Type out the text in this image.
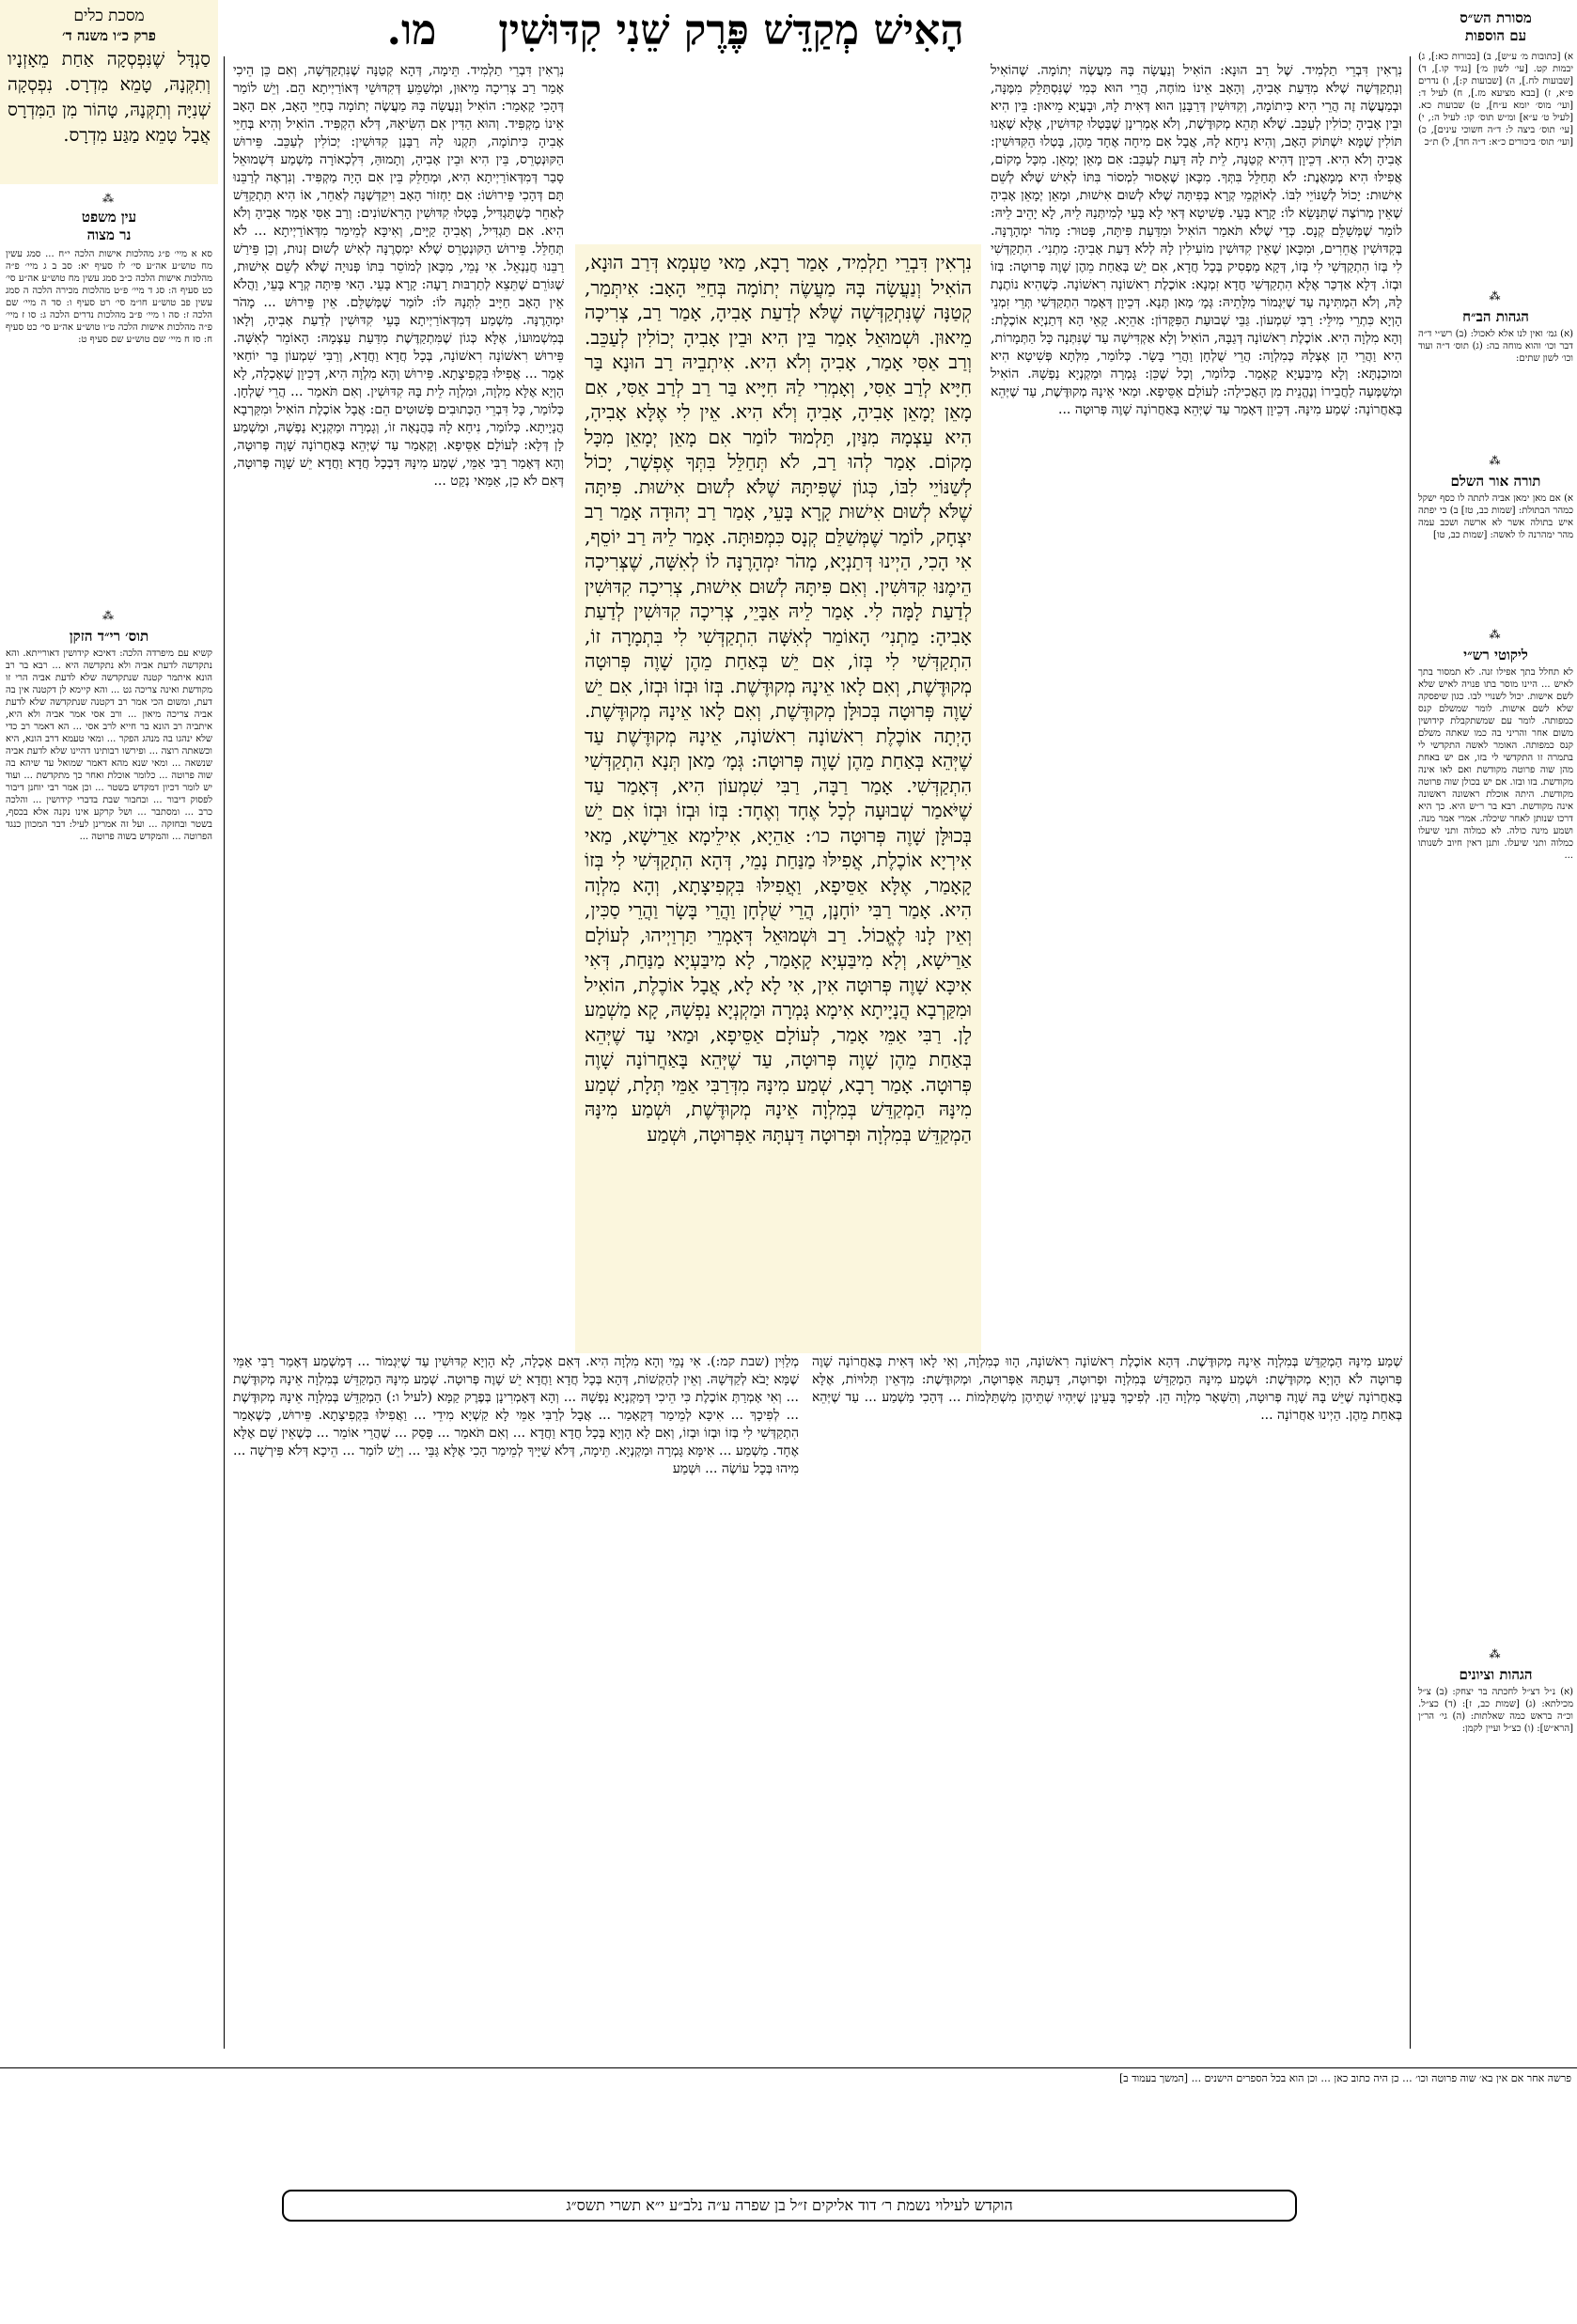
הָאִישׁ מְקַדֵּשׁ פֶּרֶק שֵׁנִי קִדּוּשִׁין
מו.
מסכת כלים
פרק כ״ו משנה ד׳
סַנְדָּל שֶׁנִּפְסְקָה אַחַת מֵאָזְנָיו וְתִקְּנָהּ, טָמֵא מִדְרָס. נִפְסְקָה שְׁנִיָּה וְתִקְּנָהּ, טָהוֹר מִן הַמִּדְרָס אֲבָל טָמֵא מַגַּע מִדְרָס.
מסורת הש״ס
עם הוספות
א) [כתובות מ׳ ע״ש], ב) [בכורות כא:], ג) יבמות קט. [עי׳ לשון מ׳] [נגיד קו.], ד) [שבועות לח.], ה) [שבועות ק:], ו) נדרים פ״א, ז) [בבא מציעא מז.], ח) לעיל ד: [ועי׳ מוס׳ יומא ע״ח], ט) שבועות כא. [לעיל ט׳ ע״א] ומ״ש תוס׳ קו: לעיל ה:, י) [עי׳ תוס׳ ביצה ל: ד״ה חשוכי עינים], כ) [ועי׳ תוס׳ ביכורים כ״א: ד״ה חד], ל) ת״כ
⁂
הגהות הב״ח
(א) גמ׳ ואין לנו אלא לאכול: (ב) רש״י ד״ה דבר וכו׳ והוא מוחה בה: (ג) תוס׳ ד״ה ועוד וכו׳ לשון שתים:
⁂
תורה אור השלם
א) אם מאן ימאן אביה לתתה לו כסף ישקל כמהר הבתולת: [שמות כב, טז] ב) כי יפתה איש בתולה אשר לא ארשה ושכב עמה מהר ימהרנה לו לאשה: [שמות כב, טו]
⁂
ליקוטי רש״י
לא תחלל בתך אפילו זנה. לא תמסור בתך לאיש ... היינו מוסר בתו פנויה לאיש שלא לשם אישות. יכול לשנויי לבו. כגון שיפסקה שלא לשם אישות. לומר שמשלם קנס כמפותה. לומר עם שמשתקבלת קידושין משום אחר והריני בה כמו שאתה משלם קנס כמפותה. האומר לאשה התקדשי לי בתמרה זו התקדשי לי בזו, אם יש באחת מהן שוה פרוטה מקודשת ואם לאו אינה מקודשת. בזו ובזו. אם יש בכולן שוה פרוטה מקודשת. היתה אוכלת ראשונה ראשונה אינה מקודשת. רבא בר ר״ש היא. כך היא דרכו שנותן לאחר שיכלה. אמרי אמר מנה. ושמע מינה כולה. לא כמלוה ותני שיעלו כמלוה ותני שיעלו. ותנן דאין חיוב לשנותו ...
⁂
הגהות וציונים
(א) נ״ל דצ״ל לחכתה בר יצחק: (ב) צ״ל מכילתא: (ג) [שמות כב, ז]: (ד) כצ״ל. וכ״ה בראש כמה שאלתות: (ה) גי׳ הר״ן [הרא״ש]: (ו) כצ״ל ועיין לקמן:
⁂
עין משפט
נר מצוה
סא א מיי׳ פ״ג מהלכות אישות הלכה י״ח ... סמג עשין מח טוש״ע אה״ע סי׳ לז סעיף יא: סב ב ג מיי׳ פ״ה מהלכות אישות הלכה כ״ב סמג עשין מח טוש״ע אה״ע סי׳ כט סעיף ה: סג ד מיי׳ פ״ט מהלכות מכירה הלכה ה סמג עשין פב טוש״ע חו״מ סי׳ רט סעיף ו: סד ה מיי׳ שם הלכה ז: סה ו מיי׳ פ״ב מהלכות נדרים הלכה ג: סו ז מיי׳ פ״ה מהלכות אישות הלכה ט״ו טוש״ע אה״ע סי׳ כט סעיף ח: סז ח מיי׳ שם טוש״ע שם סעיף ט:
⁂
תוס׳ רי״ד הזקן
קשיא עם מיפרדה הלכה: דאיכא קידושין דאורייתא. והא נתקדשה לדעת אביה ולא נתקדשה היא ... רבא בר רב הונא איתמר קטנה שנתקדשה שלא לדעת אביה הרי זו מקודשת ואינה צריכה גט ... והא קיימא לן דקטנה אין בה דעת, ומשום הכי אמר רב דקטנה שנתקדשה שלא לדעת אביה צריכה מיאון ... ורב אסי אמר אביה ולא היא, איתביה רב הונא בר חייא לרב אסי ... הא דאמר רב כדי שלא ינהגו בה מנהג הפקר ... ומאי טעמא דרב הונא, היא וכשאתה רוצה ... ופירשו רבותינו דהיינו שלא לדעת אביה שנשאה ... ומאי שנא מהא דאמר שמואל עד שיהא בה שוה פרוטה ... כלומר אוכלת ואחר כך מתקדשת ... ועוד יש לומר דכיון דמקדש בשטר ... וכן אמר רבי יוחנן דיבור לפסוק דיבור ... ובחבור שבת בדברי קידושין ... והלכה כרב ... ומסתבר ... ושל קרקע אינו נקנה אלא בכסף, בשטר ובחזקה ... ועל זה אמרינן לעיל: דבר המכוון כנגד הפרוטה ... והמקדש בשוה פרוטה ...
נִרְאִין דִּבְרֵי תַלְמִיד. שֶׁל רַב הוּנָא: הוֹאִיל וְנַעֲשָׂה בָּהּ מַעֲשֶׂה יְתוֹמָה. שֶׁהוֹאִיל וְנִתְקַדְּשָׁה שֶׁלֹּא מִדַּעַת אָבִיהָ, וְהָאָב אֵינוֹ מוֹחֶה, הֲרֵי הוּא כְּמִי שֶׁנִּסְתַּלֵּק מִמֶּנָּה, וּבְמַעֲשֶׂה זֶה הֲרֵי הִיא כִּיתוֹמָה, וְקִדּוּשִׁין דְּרַבָּנַן הוּא דְּאִית לָהּ, וּבָעֲיָא מֵיאוּן: בֵּין הִיא וּבֵין אָבִיהָ יְכוֹלִין לְעַכֵּב. שֶׁלֹּא תְּהֵא מְקוּדֶּשֶׁת, וְלֹא אָמְרִינָן שֶׁבָּטְלוּ קִדּוּשִׁין, אֶלָּא שֶׁאָנוּ תּוֹלִין שֶׁמָּא יִשְׁתּוֹק הָאָב, וְהִיא נִיחָא לָהּ, אֲבָל אִם מִיחָה אֶחָד מֵהֶן, בָּטְלוּ הַקִּדּוּשִׁין: אָבִיהָ וְלֹא הִיא. דְּכֵיוָן דְּהִיא קְטַנָּה, לֵית לָהּ דַּעַת לְעַכֵּב: אִם מָאֵן יְמָאֵן. מִכָּל מָקוֹם, אֲפִילּוּ הִיא מְמָאֶנֶת: לֹא תְּחַלֵּל בִּתְּךָ. מִכָּאן שֶׁאָסוּר לִמְסוֹר בִּתּוֹ לְאִישׁ שֶׁלֹּא לְשֵׁם אִישׁוּת: יָכוֹל לְשַׁנּוֹיֵי לִבּוֹ. לְאוֹקְמֵי קְרָא בְּפִיתָּה שֶׁלֹּא לְשׁוּם אִישׁוּת, וּמָאֵן יְמָאֵן אָבִיהָ שֶׁאֵין מְרוֹצֶה שֶׁתִּנָּשֵׂא לוֹ: קָרָא בָּעֵי. פְּשִׁיטָא דְּאִי לָא בָּעֵי לְמִיתְּנַהּ לֵיהּ, לָא יָהֵיב לֵיהּ: לוֹמַר שֶׁמְּשַׁלֵּם קְנָס. כְּדֵי שֶׁלֹּא תֹּאמַר הוֹאִיל וּמִדַּעַת פִּיתָּה, פָּטוּר: מָהֹר יִמְהָרֶנָּה. בְּקִדּוּשִׁין אֲחֵרִים, וּמִכָּאן שֶׁאֵין קִדּוּשִׁין מוֹעִילִין לָהּ לְלֹא דַּעַת אָבִיהָ: מַתְנִי׳. הִתְקַדְּשִׁי לִי בְּזוֹ הִתְקַדְּשִׁי לִי בְּזוֹ, דְּקָא מַפְסִיק בְּכָל חֲדָא, אִם יֵשׁ בְּאַחַת מֵהֶן שָׁוֶה פְּרוּטָה: בְּזוֹ וּבְזוֹ. דְּלָא אַדְכַּר אֶלָּא הִתְקַדְּשִׁי חֲדָא זִמְנָא: אוֹכֶלֶת רִאשׁוֹנָה רִאשׁוֹנָה. כְּשֶׁהִיא נוֹתֶנֶת לָהּ, וְלֹא הִמְתִּינָה עַד שֶׁיִּגְמוֹר מִלָּתֵיהּ: גְּמָ׳ מַאן תְּנָא. דְּכֵיוָן דְּאָמַר הִתְקַדְּשִׁי תְּרֵי זִמְנֵי הָוְיָא כִּתְרֵי מִילֵּי: רַבִּי שִׁמְעוֹן. גַּבֵּי שְׁבוּעַת הַפִּקָּדוֹן: אַהֵיָא. קָאֵי הָא דְּתַנְיָא אוֹכֶלֶת: וְהָא מִלְוָה הִיא. אוֹכֶלֶת רִאשׁוֹנָה דְּגַבָּהּ, הוֹאִיל וְלָא אַקְדִּישָׁה עַד שֶׁנִּתְּנָה כָּל הַתְּמָרוֹת, הִיא וַהֲרֵי הֵן אֶצְלָהּ כְּמִלְוָה: הֲרֵי שֻׁלְחָן וַהֲרֵי בָּשָׂר. כְּלוֹמַר, מִלְּתָא פְּשִׁיטָא הִיא וּמוּכַנְתָּא: וְלָא מִיבַּעְיָא קָאָמַר. כְּלוֹמַר, וְכָל שֶׁכֵּן: גָּמְרָה וּמַקְנְיָא נַפְשָׁהּ. הוֹאִיל וּמְשַׁמְּעָה לַחֲבֵירוֹ וְנֶהֱנֵית מִן הָאֲכִילָה: לְעוֹלָם אַסֵּיפָא. וּמַאי אֵינָהּ מְקוּדֶּשֶׁת, עַד שֶׁיְּהֵא בָּאַחֲרוֹנָה: שְׁמַע מִינָּהּ. דְּכֵיוָן דְּאָמַר עַד שֶׁיְּהֵא בָּאַחֲרוֹנָה שָׁוֶה פְּרוּטָה ...
נִרְאִין דִּבְרֵי תַלְמִיד. תֵּימָה, דְּהָא קְטַנָּה שֶׁנִּתְקַדְּשָׁה, וְאִם כֵּן הֵיכִי אָמַר רַב צְרִיכָה מֵיאוּן, וּמְשַׁמֵּעַ דְּקִדּוּשֵׁי דְּאוֹרַיְיתָא הֵם. וְיֵשׁ לוֹמַר דְּהָכִי קָאָמַר: הוֹאִיל וְנַעֲשָׂה בָּהּ מַעֲשֶׂה יְתוֹמָה בְּחַיֵּי הָאָב, אִם הָאָב אֵינוֹ מַקְפִּיד. וְהוּא הַדִּין אִם הִשִּׂיאָהּ, דְּלֹא הִקְפִּיד. הוֹאִיל וְהִיא בְּחַיֵּי אָבִיהָ כִּיתוֹמָה, תִּקְנוּ לָהּ רַבָּנַן קִדּוּשִׁין: יְכוֹלִין לְעַכֵּב. פֵּירוּשׁ הַקּוּנְטְרֵס, בֵּין הִיא וּבֵין אָבִיהָ, וְתָמוּהַּ, דִּלְכְאוֹרָה מַשְׁמַע דִּשְׁמוּאֵל סָבַר דְּמִדְּאוֹרַיְיתָא הִיא, וּמְחַלֵּק בֵּין אִם הָיָה מַקְפִּיד. וְנִרְאֶה לְרַבֵּנוּ תָּם דְּהָכִי פֵּירוּשׁוֹ: אִם יַחְזוֹר הָאָב וִיקַדְּשֶׁנָּה לְאַחֵר, אוֹ הִיא תִּתְקַדֵּשׁ לְאַחֵר כְּשֶׁתַּגְדִּיל, בָּטְלוּ קִדּוּשִׁין הָרִאשׁוֹנִים: וְרַב אַסִּי אָמַר אָבִיהָ וְלֹא הִיא. אִם תַּגְדִּיל, וְאָבִיהָ קַיָּים, וְאִיכָּא לְמֵימַר מִדְּאוֹרַיְיתָא ... לֹא תְּחַלֵּל. פֵּירוּשׁ הַקּוּנְטְרֵס שֶׁלֹּא יִמְסְרֶנָּה לְאִישׁ לְשׁוּם זְנוּת, וְכֵן פֵּירַשׁ רַבֵּנוּ חֲנַנְאֵל. אִי נָמֵי, מִכָּאן לְמוֹסֵר בִּתּוֹ פְּנוּיָה שֶׁלֹּא לְשֵׁם אִישׁוּת, שֶׁגּוֹרֵם שֶׁתֵּצֵא לְתַרְבּוּת רָעָה: קָרָא בָּעֵי. הַאי פִּיתָּה קְרָא בָּעֵי, וַהֲלֹא אֵין הָאָב חַיָּיב לִתְּנָהּ לוֹ: לוֹמַר שֶׁמְּשַׁלֵּם. אֵין פֵּירוּשׁ ... מָהֹר יִמְהָרֶנָּה. מִשְׁמַע דְּמִדְּאוֹרַיְיתָא בָּעֵי קִדּוּשִׁין לְדַעַת אָבִיהָ, וְלָאו בְּמִשְׁמוּעוֹ, אֶלָּא כְּגוֹן שֶׁמִּתְקַדֶּשֶׁת מִדַּעַת עַצְמָהּ: הָאוֹמֵר לְאִשָּׁה. פֵּירוּשׁ רִאשׁוֹנָה רִאשׁוֹנָה, בְּכָל חֲדָא וַחֲדָא, וְרַבִּי שִׁמְעוֹן בַּר יוֹחַאי אָמַר ... אֲפִילּוּ בִּקְפִיצָתָא. פֵּירוּשׁ וְהָא מִלְוָה הִיא, דְּכֵיוָן שֶׁאָכְלָה, לָא הָוְיָא אֶלָּא מִלְוָה, וּמִלְוָה לֵית בָּהּ קִדּוּשִׁין. וְאִם תֹּאמַר ... הֲרֵי שֻׁלְחָן. כְּלוֹמַר, כָּל דִּבְרֵי הַכְּתוּבִים פְּשׁוּטִים הֵם: אֲבָל אוֹכֶלֶת הוֹאִיל וּמִקַּרְבָא הֲנָיָיתָא. כְּלוֹמַר, נִיחָא לָהּ בַּהֲנָאָה זוֹ, וְגָמְרָה וּמַקְנְיָא נַפְשָׁהּ, וּמַשְׁמַע לָן דְּלָא: לְעוֹלָם אַסֵּיפָא. וְקָאָמַר עַד שֶׁיְּהֵא בָּאַחֲרוֹנָה שָׁוֶה פְּרוּטָה, וְהָא דְּאָמַר רַבִּי אַמֵּי, שְׁמַע מִינָּהּ דִּבְכָל חֲדָא וַחֲדָא יֵשׁ שָׁוֶה פְּרוּטָה, דְּאִם לֹא כֵן, אַמַּאי נְקַט ...
נִרְאִין דִּבְרֵי תַלְמִיד, אָמַר רָבָא, מַאי טַעְמָא דְּרַב הוּנָא, הוֹאִיל וְנַעֲשָׂה בָּהּ מַעֲשֶׂה יְתוֹמָה בְּחַיֵּי הָאָב: אִיתְּמַר, קְטַנָּה שֶׁנִּתְקַדְּשָׁה שֶׁלֹּא לְדַעַת אָבִיהָ, אָמַר רַב, צְרִיכָה מֵיאוּן. וּשְׁמוּאֵל אָמַר בֵּין הִיא וּבֵין אָבִיהָ יְכוֹלִין לְעַכֵּב. וְרַב אַסִּי אָמַר, אָבִיהָ וְלֹא הִיא. אִיתְבֵיהּ רַב הוּנָא בַּר חִיָּיא לְרַב אַסִּי, וְאָמְרִי לַהּ חִיָּיא בַּר רַב לְרַב אַסִּי, אִם מָאֵן יְמָאֵן אָבִיהָ, אָבִיהָ וְלֹא הִיא. אֵין לִי אֶלָּא אָבִיהָ, הִיא עַצְמָהּ מִנַּיִן, תַּלְמוּד לוֹמַר אִם מָאֵן יְמָאֵן מִכָּל מָקוֹם. אָמַר לְהוּ רַב, לֹא תְּחַלֵּל בִּתְּךָ אֶפְשָׁר, יָכוֹל לְשַׁנּוֹיֵי לִבּוֹ, כְּגוֹן שֶׁפִּיתָּהּ שֶׁלֹּא לְשׁוּם אִישׁוּת. פִּיתָּה שֶׁלֹּא לְשׁוּם אִישׁוּת קָרָא בָּעֵי, אָמַר רַב יְהוּדָה אָמַר רַב יִצְחָק, לוֹמַר שֶׁמְּשַׁלֵּם קְנָס כִּמְפוּתָּה. אָמַר לֵיהּ רַב יוֹסֵף, אִי הָכִי, הַיְינוּ דְּתַנְיָא, מָהֹר יִמְהָרֶנָּה לוֹ לְאִשָּׁה, שֶׁצְּרִיכָה הֵימֶנּוּ קִדּוּשִׁין. וְאִם פִּיתָּהּ לְשׁוּם אִישׁוּת, צְרִיכָה קִדּוּשִׁין לְדַעַת לָמָּה לִי. אָמַר לֵיהּ אַבָּיֵי, צְרִיכָה קִדּוּשִׁין לְדַעַת אָבִיהָ: מַתְנִי׳ הָאוֹמֵר לְאִשָּׁה הִתְקַדְּשִׁי לִי בִּתְמָרָה זוֹ, הִתְקַדְּשִׁי לִי בְּזוֹ, אִם יֵשׁ בְּאַחַת מֵהֶן שָׁוֶה פְּרוּטָה מְקוּדֶּשֶׁת, וְאִם לָאו אֵינָהּ מְקוּדֶּשֶׁת. בְּזוֹ וּבְזוֹ וּבְזוֹ, אִם יֵשׁ שָׁוֶה פְּרוּטָה בְּכוּלָּן מְקוּדֶּשֶׁת, וְאִם לָאו אֵינָהּ מְקוּדֶּשֶׁת. הָיְתָה אוֹכֶלֶת רִאשׁוֹנָה רִאשׁוֹנָה, אֵינָהּ מְקוּדֶּשֶׁת עַד שֶׁיְּהֵא בְּאַחַת מֵהֶן שָׁוֶה פְּרוּטָה: גְּמָ׳ מַאן תְּנָא הִתְקַדְּשִׁי הִתְקַדְּשִׁי. אָמַר רַבָּה, רַבִּי שִׁמְעוֹן הִיא, דְּאָמַר עַד שֶׁיֹּאמַר שְׁבוּעָה לְכָל אֶחָד וְאֶחָד: בְּזוֹ וּבְזוֹ וּבְזוֹ אִם יֵשׁ בְּכוּלָּן שָׁוֶה פְּרוּטָה כו׳: אַהֵיָא, אִילֵימָא אַרֵישָׁא, מַאי אִירְיָא אוֹכֶלֶת, אֲפִילּוּ מַנַּחַת נָמֵי, דְּהָא הִתְקַדְּשִׁי לִי בְּזוֹ קָאָמַר, אֶלָּא אַסֵּיפָא, וַאֲפִילּוּ בִּקְפִיצָתָא, וְהָא מִלְוָה הִיא. אָמַר רַבִּי יוֹחָנָן, הֲרֵי שֻׁלְחָן וַהֲרֵי בָּשָׂר וַהֲרֵי סַכִּין, וְאֵין לָנוּ לֶאֱכוֹל. רַב וּשְׁמוּאֵל דְּאָמְרֵי תַּרְוַיְיהוּ, לְעוֹלָם אַרֵישָׁא, וְלָא מִיבַּעְיָא קָאָמַר, לָא מִיבַּעְיָא מַנַּחַת, דְּאִי אִיכָּא שָׁוֶה פְּרוּטָה אִין, אִי לָא לָא, אֲבָל אוֹכֶלֶת, הוֹאִיל וּמִקַּרְבָא הֲנָיָיתָא אִימָא גָּמְרָה וּמַקְנְיָא נַפְשָׁהּ, קָא מַשְׁמַע לָן. רַבִּי אַמֵּי אָמַר, לְעוֹלָם אַסֵּיפָא, וּמַאי עַד שֶׁיְּהֵא בְּאַחַת מֵהֶן שָׁוֶה פְּרוּטָה, עַד שֶׁיְּהֵא בָּאַחֲרוֹנָה שָׁוֶה פְּרוּטָה. אָמַר רָבָא, שְׁמַע מִינָּהּ מִדְּרַבִּי אַמֵּי תְּלָת, שְׁמַע מִינָּהּ הַמְקַדֵּשׁ בְּמִלְוָה אֵינָהּ מְקוּדֶּשֶׁת, וּשְׁמַע מִינָּהּ הַמְקַדֵּשׁ בְּמִלְוָה וּפְרוּטָה דַּעְתָּהּ אַפְּרוּטָה, וּשְׁמַע
שְׁמַע מִינָּהּ הַמְקַדֵּשׁ בְּמִלְוָה אֵינָהּ מְקוּדֶּשֶׁת. דְּהָא אוֹכֶלֶת רִאשׁוֹנָה רִאשׁוֹנָה, הָווּ כְּמִלְוָה, וְאִי לָאו דְּאִית בָּאַחֲרוֹנָה שָׁוֶה פְּרוּטָה לֹא הָוְיָא מְקוּדֶּשֶׁת: וּשְׁמַע מִינָּהּ הַמְקַדֵּשׁ בְּמִלְוָה וּפְרוּטָה, דַּעְתָּהּ אַפְּרוּטָה, וּמְקוּדֶּשֶׁת: מִדְּאֵין תְּלוּיוֹת, אֶלָּא בָּאַחֲרוֹנָה שֶׁיֵּשׁ בָּהּ שָׁוֶה פְּרוּטָה, וְהַשְּׁאָר מִלְוָה הֵן. לְפִיכָךְ בָּעֵינָן שֶׁיִּהְיוּ שְׁתֵּיהֶן מִשְׁתַּלְּמוֹת ... דְּהָכִי מַשְׁמַע ... עַד שֶׁיְּהֵא בְּאַחַת מֵהֶן. הַיְינוּ אַחֲרוֹנָה ...
מְלַוִּין (שבת קמ:). אִי נָמֵי וְהָא מִלְוָה הִיא. דְּאִם אָכְלָה, לָא הָוְיָא קִדּוּשִׁין עַד שֶׁיִּגְמוֹר ... דְּמַשְׁמַע דְּאָמַר רַבִּי אַמֵּי שֶׁמָּא יָבֹא לְקַדְּשָׁהּ. וְאֵין לְהַקְשׁוֹת, דְּהָא בְּכָל חֲדָא וַחֲדָא יֵשׁ שָׁוֶה פְּרוּטָה. שְׁמַע מִינָּהּ הַמְקַדֵּשׁ בְּמִלְוָה אֵינָהּ מְקוּדֶּשֶׁת ... וְאִי אָמְרַתְּ אוֹכֶלֶת כִּי הֵיכִי דְּמַקְנְיָא נַפְשָׁהּ ... וְהָא דְּאָמְרִינָן בְּפֶרֶק קַמָּא (לעיל ו:) הַמְקַדֵּשׁ בְּמִלְוָה אֵינָהּ מְקוּדֶּשֶׁת ... לְפִיכָךְ ... אִיכָּא לְמֵימַר דְּקָאָמַר ... אֲבָל לְרַבִּי אַמֵּי לָא קַשְׁיָא מִידֵי ... וַאֲפִילּוּ בִּקְפִיצָתָא. פֵּירוּשׁ, כְּשֶׁאָמַר הִתְקַדְּשִׁי לִי בְּזוֹ וּבְזוֹ וּבְזוֹ, וְאִם לָא הָוְיָא בְּכָל חֲדָא וַחֲדָא ... וְאִם תֹּאמַר ... פָּסַק ... שֶׁהֲרֵי אוֹמֵר ... כְּשֶׁאֵין שָׁם אֶלָּא אֶחָד. מַשְׁמַע ... אִימָּא גָּמְרָה וּמַקְנְיָא. תֵּימָה, דְּלֹא שַׁיָּיךְ לְמֵימַר הָכִי אֶלָּא גַּבֵּי ... וְיֵשׁ לוֹמַר ... הֵיכָא דְּלֹא פִּירְשָׁה ... מִיהוּ בְּכָל עוֹשֶׂה ... וּשְׁמַע
פרשה אחר אם אין בא׳ שוה פרוטה וכו׳ ... כן היה כתוב כאן ... וכן הוא בכל הספרים הישנים ... [המשך בעמוד ב]
הוקדש לעילוי נשמת ר׳ דוד אליקים ז״ל בן שפרה ע״ה נלב״ע י״א תשרי תשס״ג
